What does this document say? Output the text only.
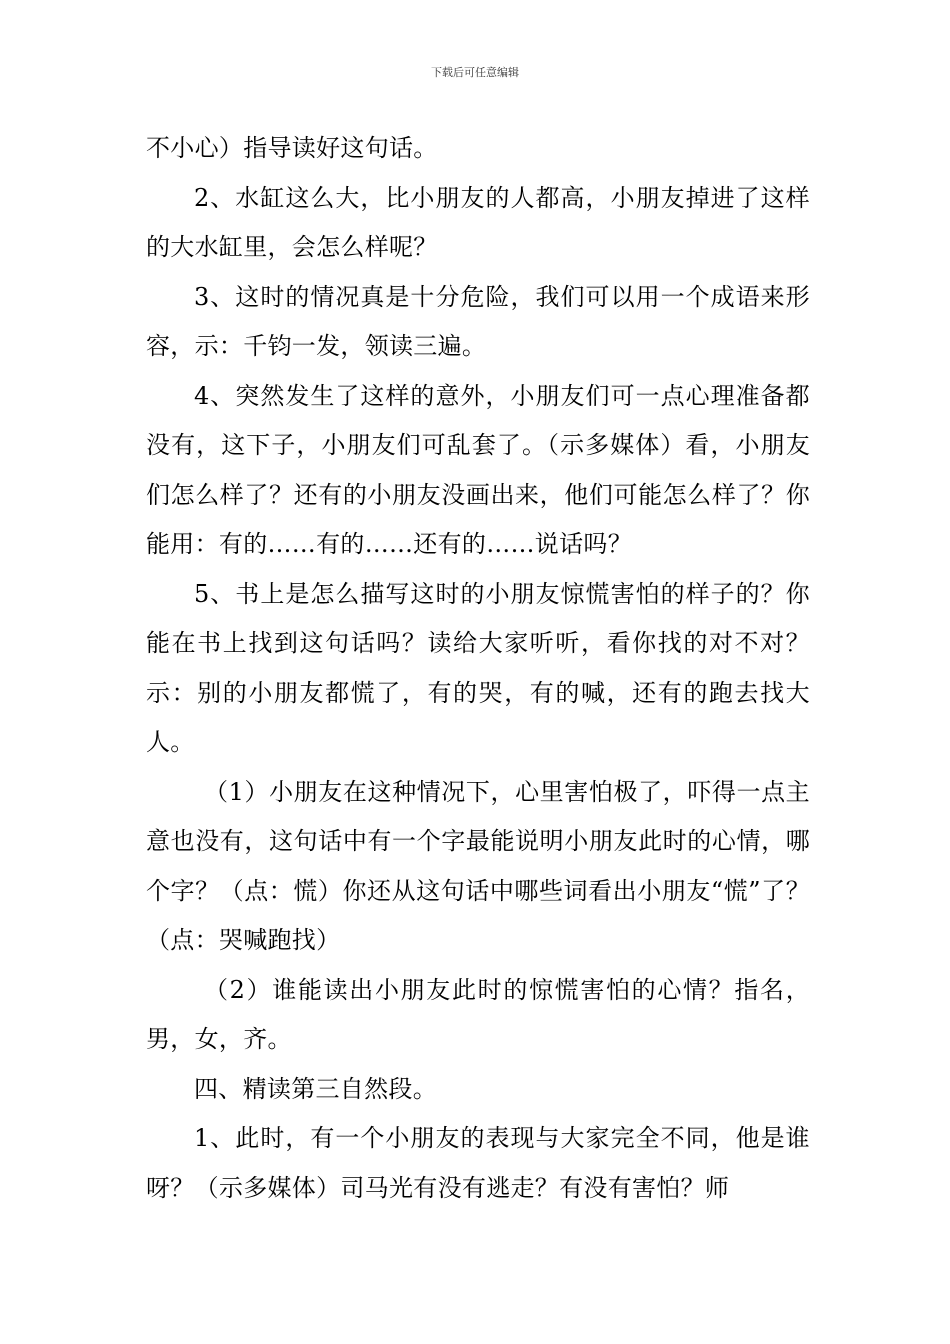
下载后可任意编辑

不小心）指导读好这句话。

2、水缸这么大，比小朋友的人都高，小朋友掉进了这样的大水缸里，会怎么样呢？

3、这时的情况真是十分危险，我们可以用一个成语来形容，示：千钧一发，领读三遍。

4、突然发生了这样的意外，小朋友们可一点心理准备都没有，这下子，小朋友们可乱套了。（示多媒体）看，小朋友们怎么样了？还有的小朋友没画出来，他们可能怎么样了？你能用：有的……有的……还有的……说话吗？

5、书上是怎么描写这时的小朋友惊慌害怕的样子的？你能在书上找到这句话吗？读给大家听听，看你找的对不对？示：别的小朋友都慌了，有的哭，有的喊，还有的跑去找大人。

（1）小朋友在这种情况下，心里害怕极了，吓得一点主意也没有，这句话中有一个字最能说明小朋友此时的心情，哪个字？（点：慌）你还从这句话中哪些词看出小朋友“慌”了？（点：哭喊跑找）

（2）谁能读出小朋友此时的惊慌害怕的心情？指名，男，女，齐。

四、精读第三自然段。

1、此时，有一个小朋友的表现与大家完全不同，他是谁呀？（示多媒体）司马光有没有逃走？有没有害怕？师
